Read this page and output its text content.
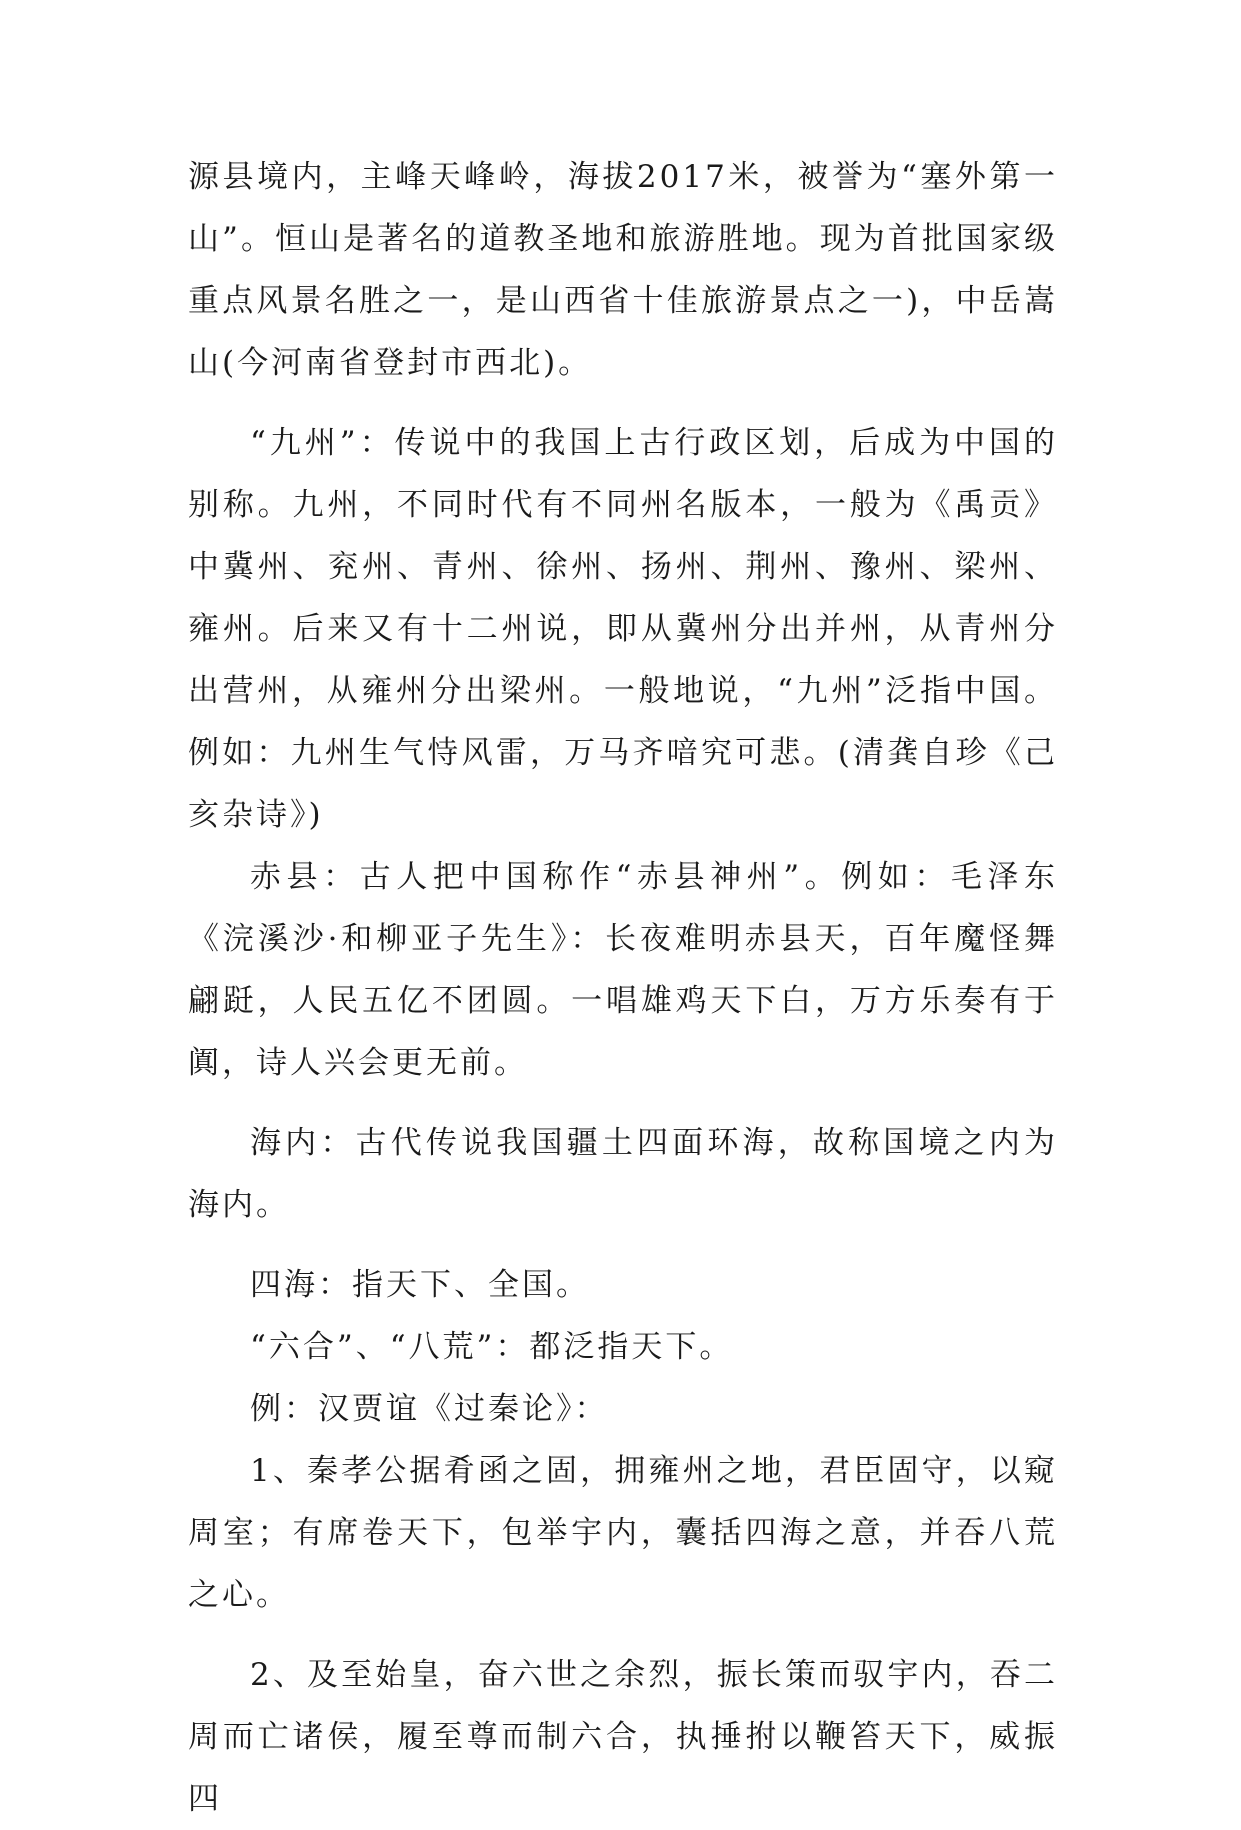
源县境内，主峰天峰岭，海拔2017米，被誉为“塞外第一山”。恒山是著名的道教圣地和旅游胜地。现为首批国家级重点风景名胜之一，是山西省十佳旅游景点之一)，中岳嵩山(今河南省登封市西北)。

“九州”：传说中的我国上古行政区划，后成为中国的别称。九州，不同时代有不同州名版本，一般为《禹贡》中冀州、兖州、青州、徐州、扬州、荆州、豫州、梁州、雍州。后来又有十二州说，即从冀州分出并州，从青州分出营州，从雍州分出梁州。一般地说，“九州”泛指中国。例如：九州生气恃风雷，万马齐喑究可悲。(清龚自珍《己亥杂诗》)

赤县：古人把中国称作“赤县神州”。例如：毛泽东《浣溪沙·和柳亚子先生》：长夜难明赤县天，百年魔怪舞翩跹，人民五亿不团圆。一唱雄鸡天下白，万方乐奏有于阗，诗人兴会更无前。

海内：古代传说我国疆土四面环海，故称国境之内为海内。

四海：指天下、全国。

“六合”、“八荒”：都泛指天下。

例：汉贾谊《过秦论》：

1、秦孝公据肴函之固，拥雍州之地，君臣固守，以窥周室；有席卷天下，包举宇内，囊括四海之意，并吞八荒之心。

2、及至始皇，奋六世之余烈，振长策而驭宇内，吞二周而亡诸侯，履至尊而制六合，执捶拊以鞭笞天下，威振四
